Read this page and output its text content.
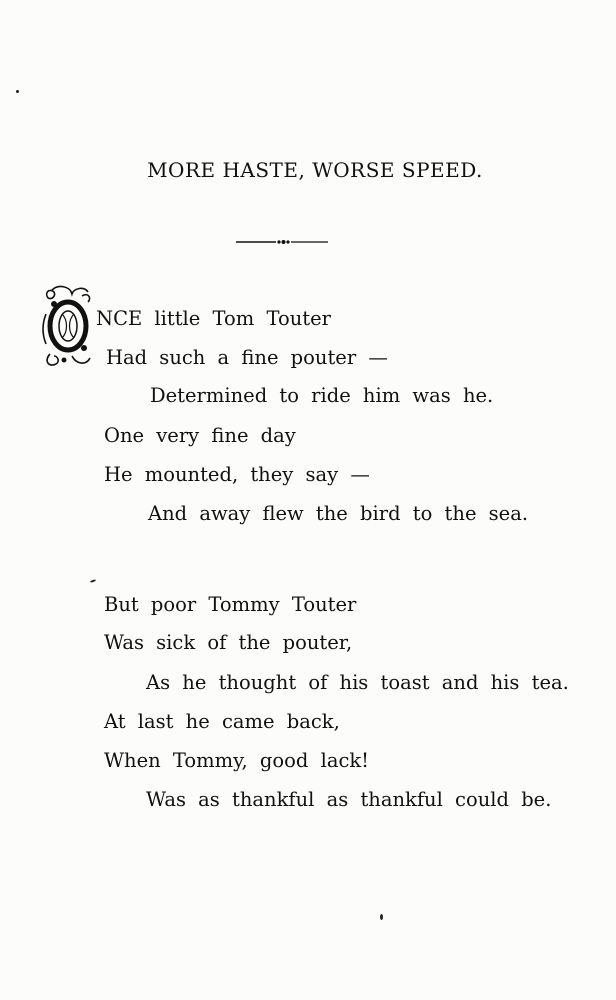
MORE HASTE, WORSE SPEED.
O NCE little Tom Touter
Had such a fine pouter —
Determined to ride him was he.
One very fine day
He mounted, they say —
And away flew the bird to the sea.
But poor Tommy Touter
Was sick of the pouter,
As he thought of his toast and his tea.
At last he came back,
When Tommy, good lack!
Was as thankful as thankful could be.
